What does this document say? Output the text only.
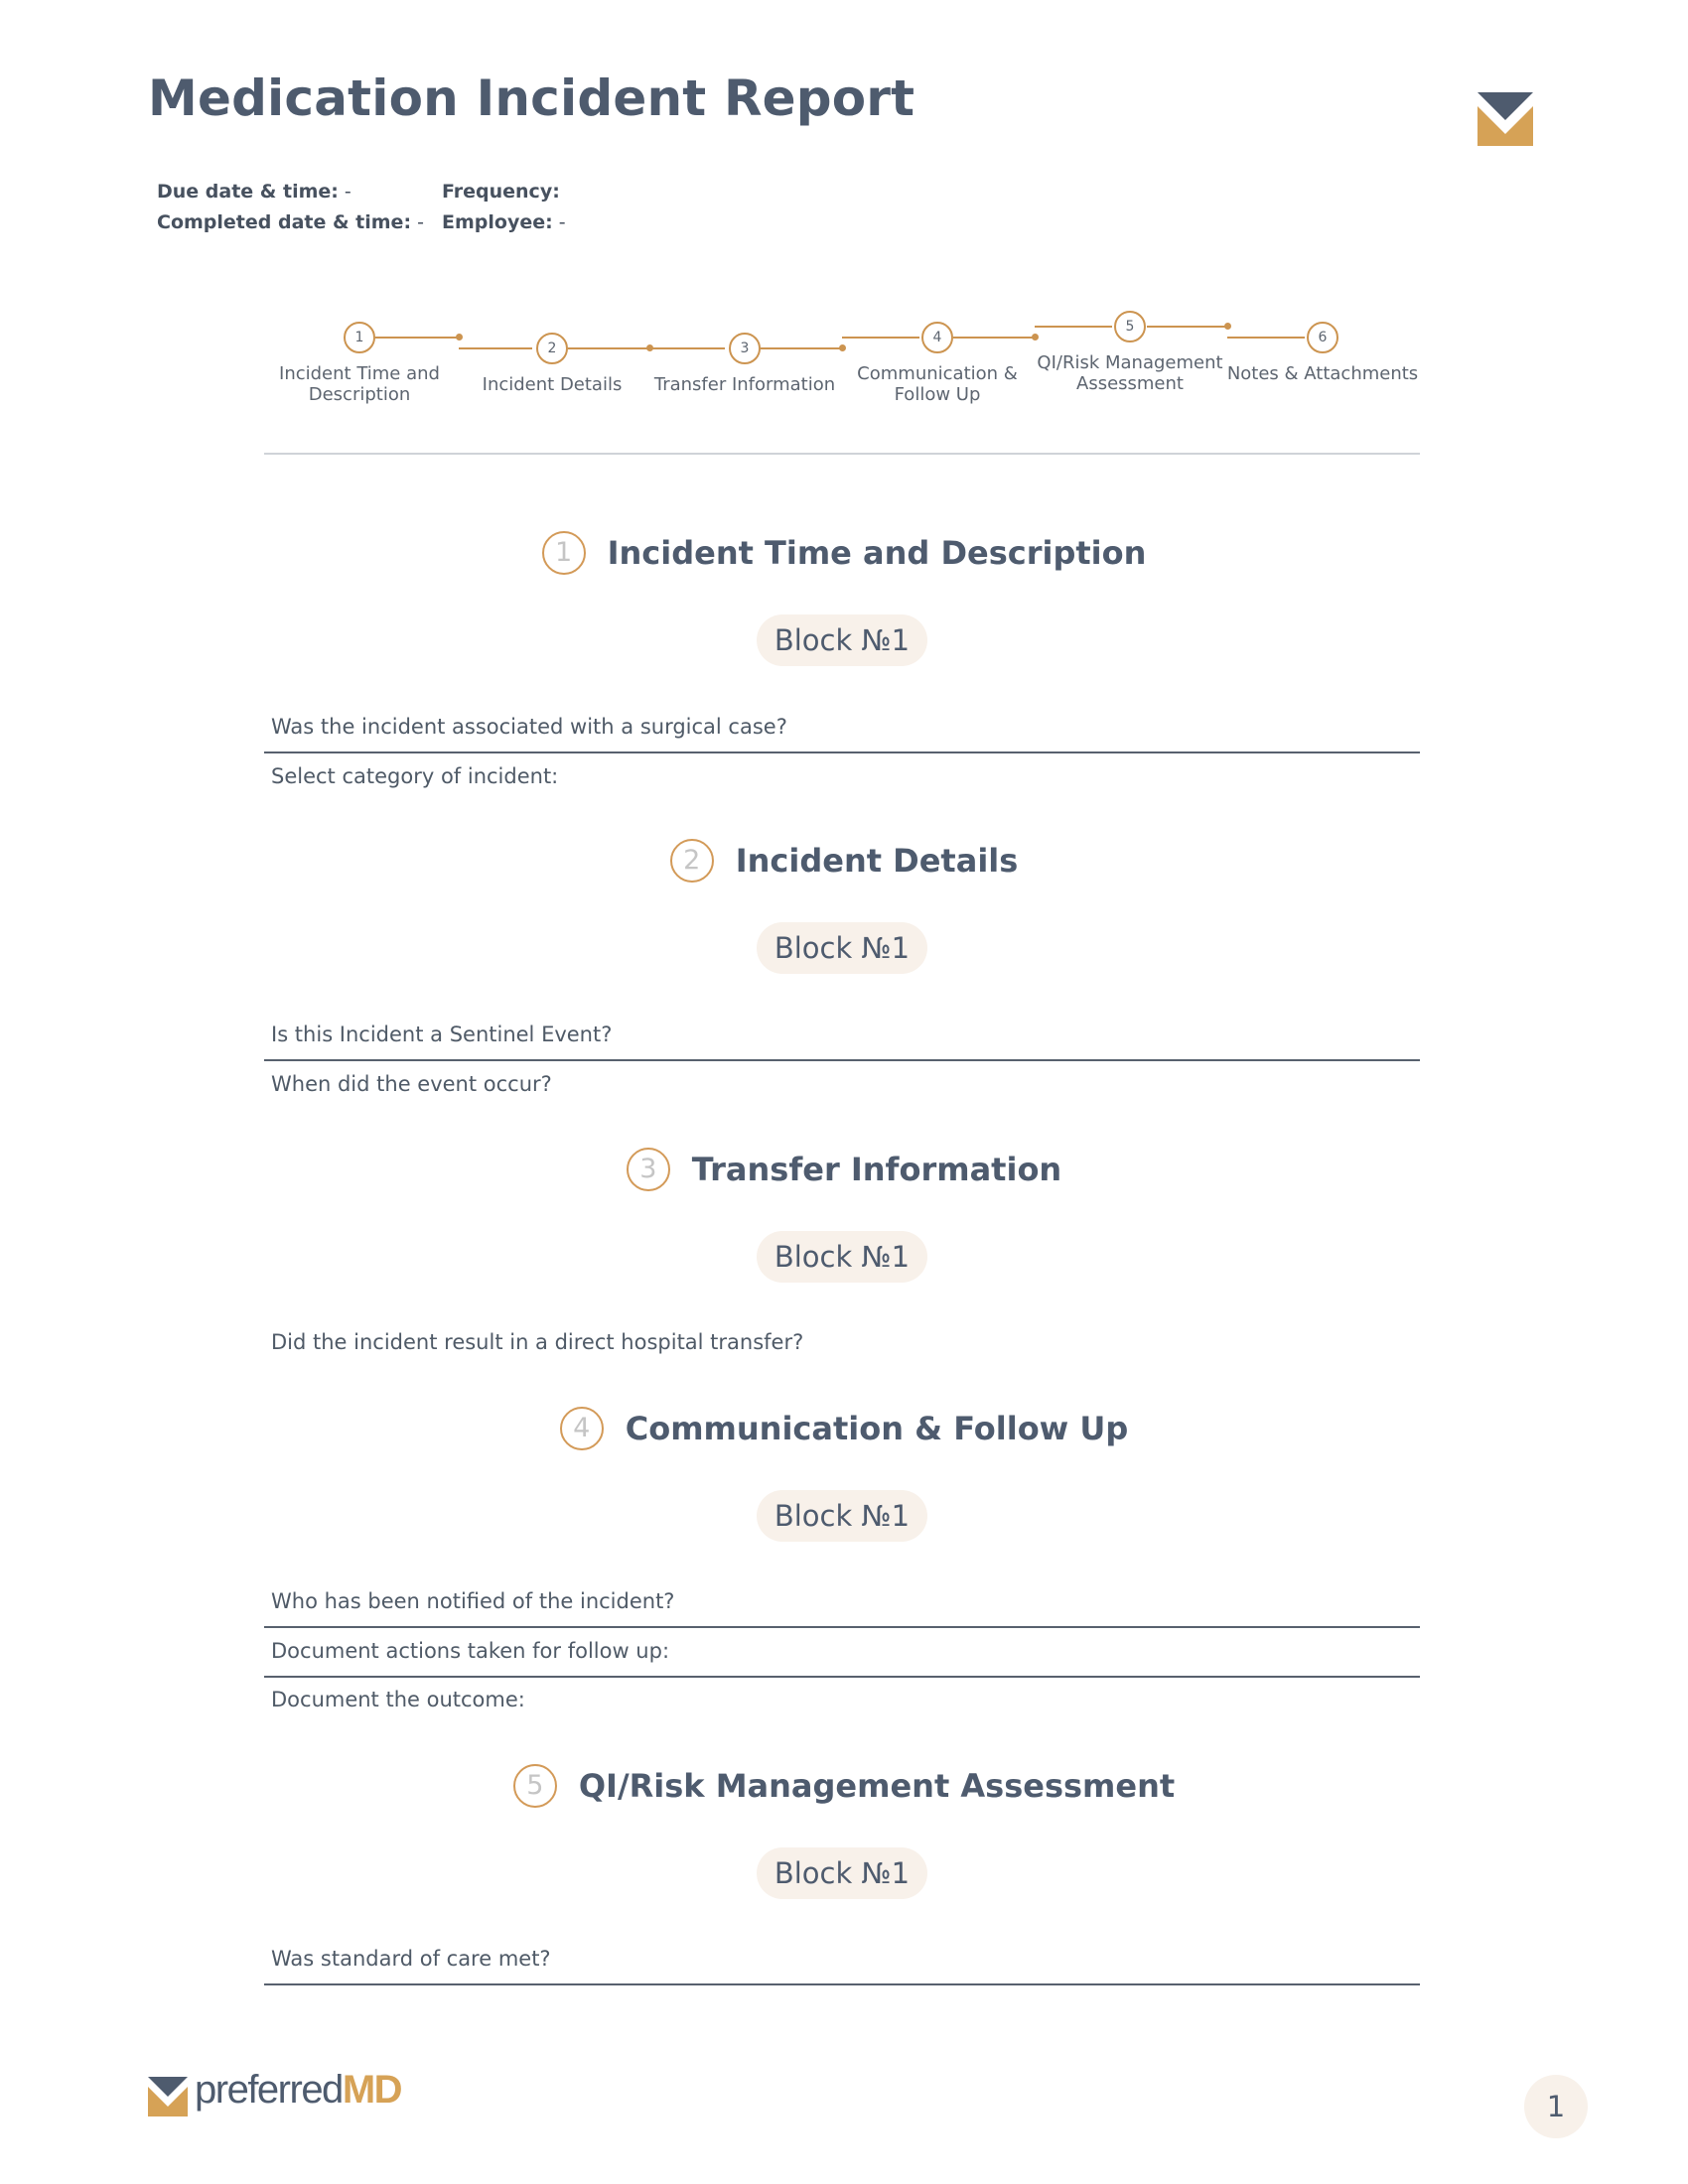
Medication Incident Report
Due date & time: -
Completed date & time: -
Frequency:
Employee: -
1
Incident Time and Description
2
Incident Details
3
Transfer Information
4
Communication & Follow Up
5
QI/Risk Management Assessment
6
Notes & Attachments
1	Incident Time and Description
Block №1
Was the incident associated with a surgical case?
Select category of incident:
2	Incident Details
Block №1
Is this Incident a Sentinel Event?
When did the event occur?
3	Transfer Information
Block №1
Did the incident result in a direct hospital transfer?
4	Communication & Follow Up
Block №1
Who has been notified of the incident?
Document actions taken for follow up:
Document the outcome:
5	QI/Risk Management Assessment
Block №1
Was standard of care met?
preferredMD	1
